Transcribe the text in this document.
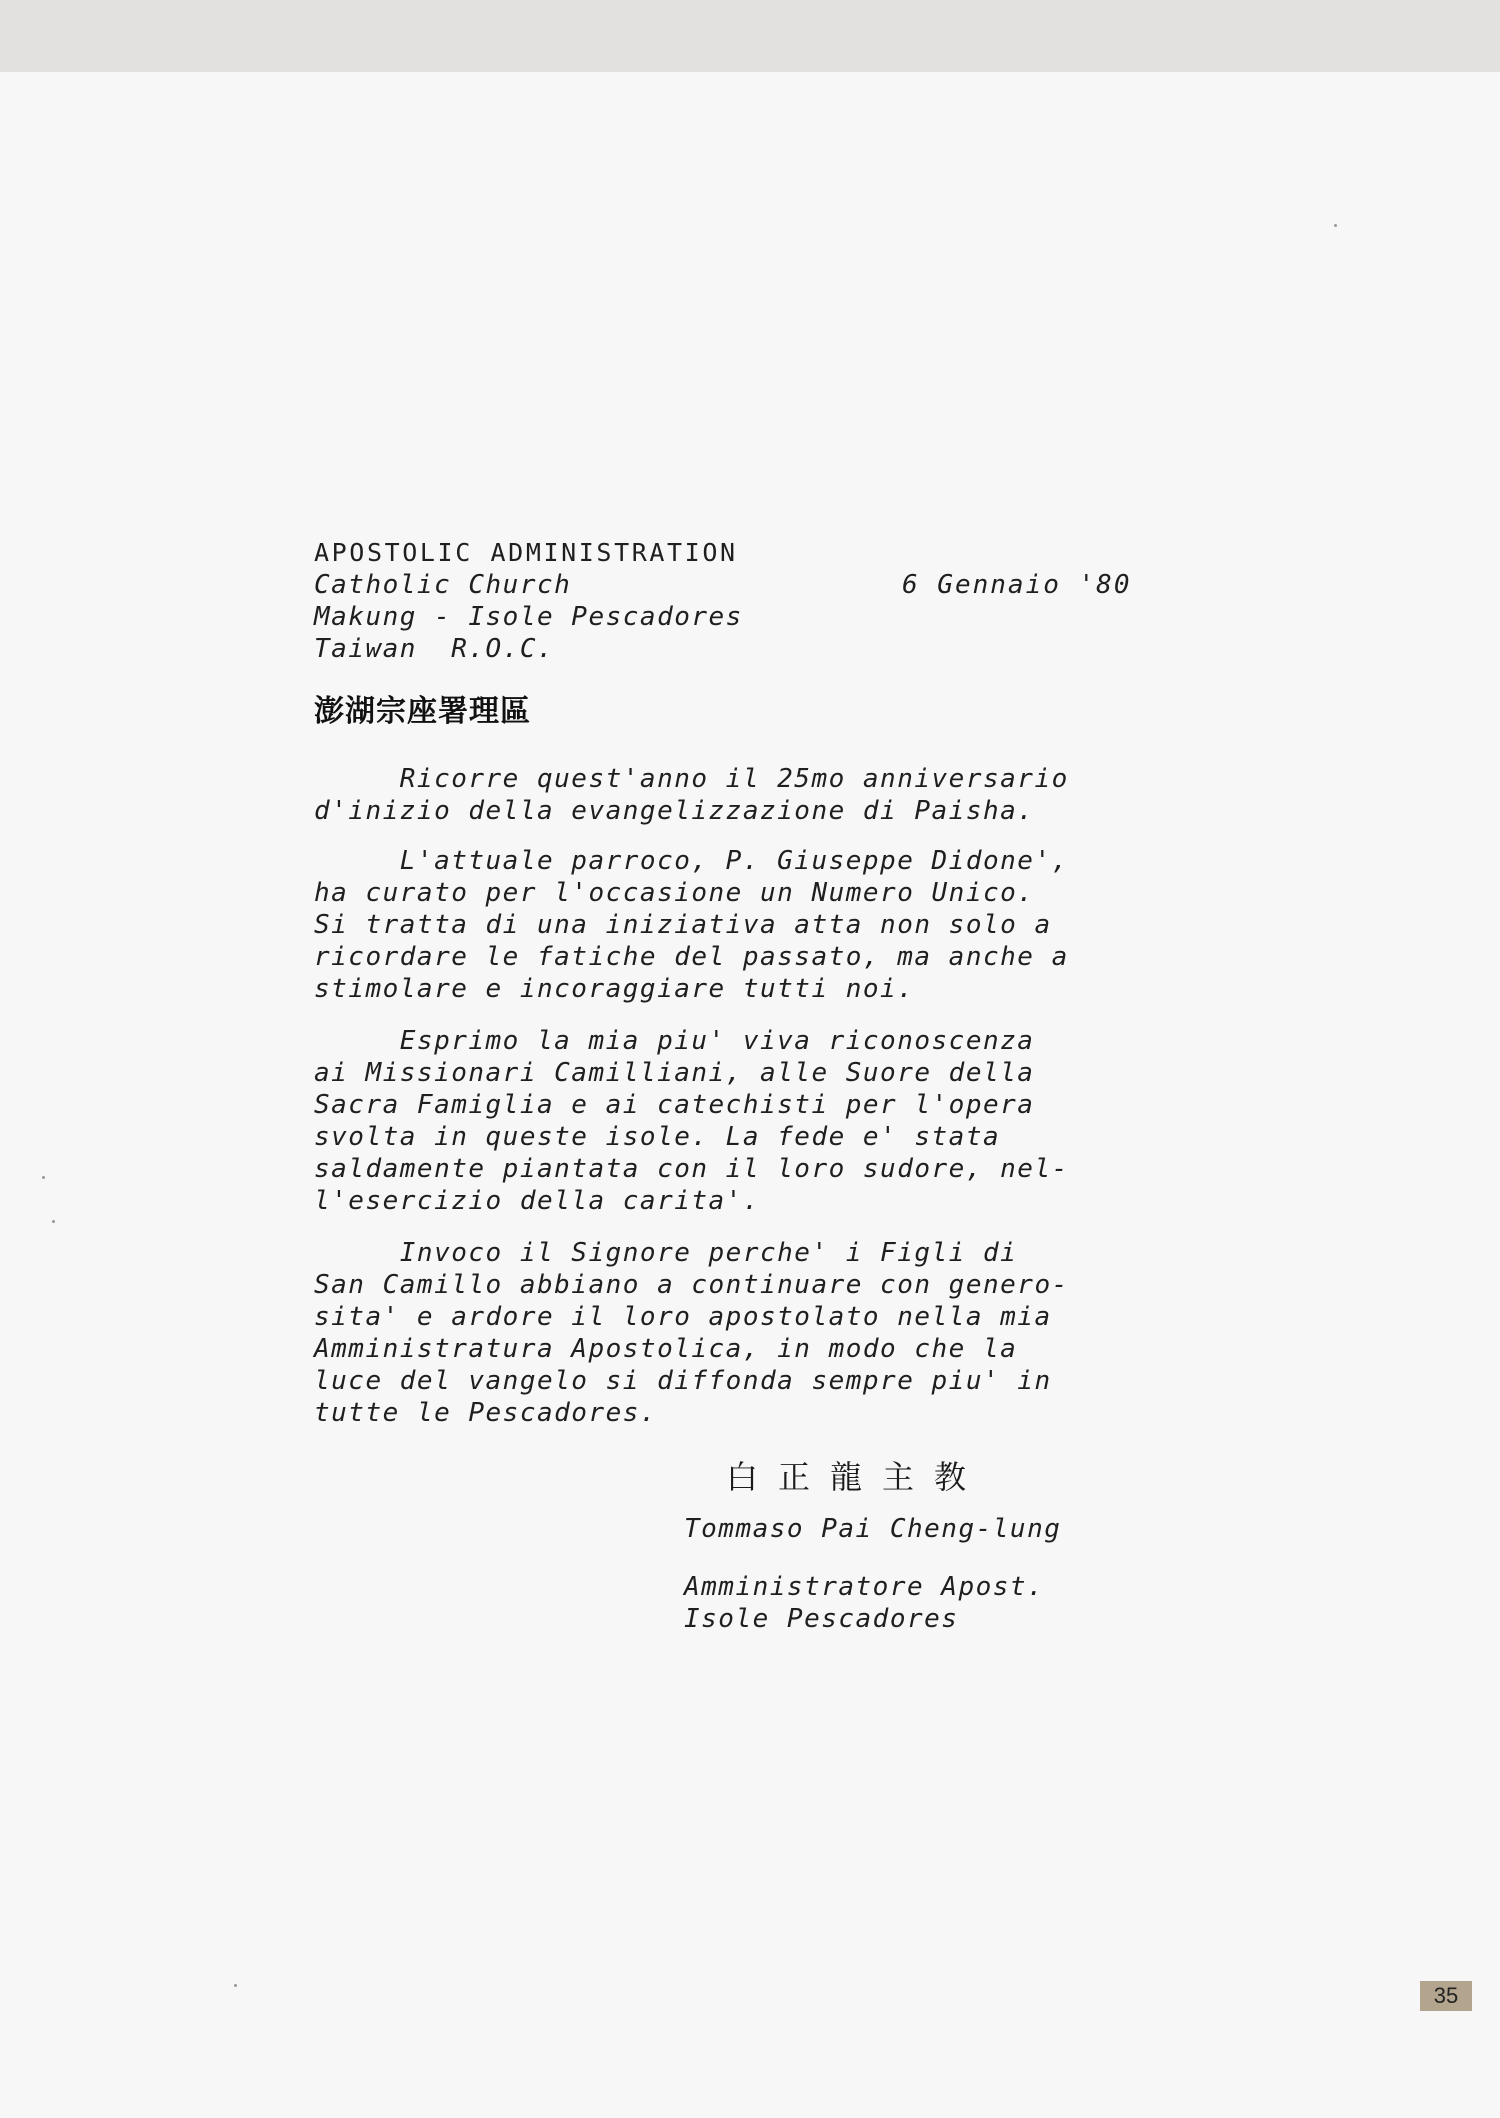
APOSTOLIC ADMINISTRATION
Catholic Church
Makung - Isole Pescadores
Taiwan  R.O.C.
6 Gennaio '80
澎湖宗座署理區
Ricorre quest'anno il 25mo anniversario
d'inizio della evangelizzazione di Paisha.
L'attuale parroco, P. Giuseppe Didone',
ha curato per l'occasione un Numero Unico.
Si tratta di una iniziativa atta non solo a
ricordare le fatiche del passato, ma anche a
stimolare e incoraggiare tutti noi.
Esprimo la mia piu' viva riconoscenza
ai Missionari Camilliani, alle Suore della
Sacra Famiglia e ai catechisti per l'opera
svolta in queste isole. La fede e' stata
saldamente piantata con il loro sudore, nel-
l'esercizio della carita'.
Invoco il Signore perche' i Figli di
San Camillo abbiano a continuare con genero-
sita' e ardore il loro apostolato nella mia
Amministratura Apostolica, in modo che la
luce del vangelo si diffonda sempre piu' in
tutte le Pescadores.
白正龍主教
Tommaso Pai Cheng-lung
Amministratore Apost.
Isole Pescadores
35
